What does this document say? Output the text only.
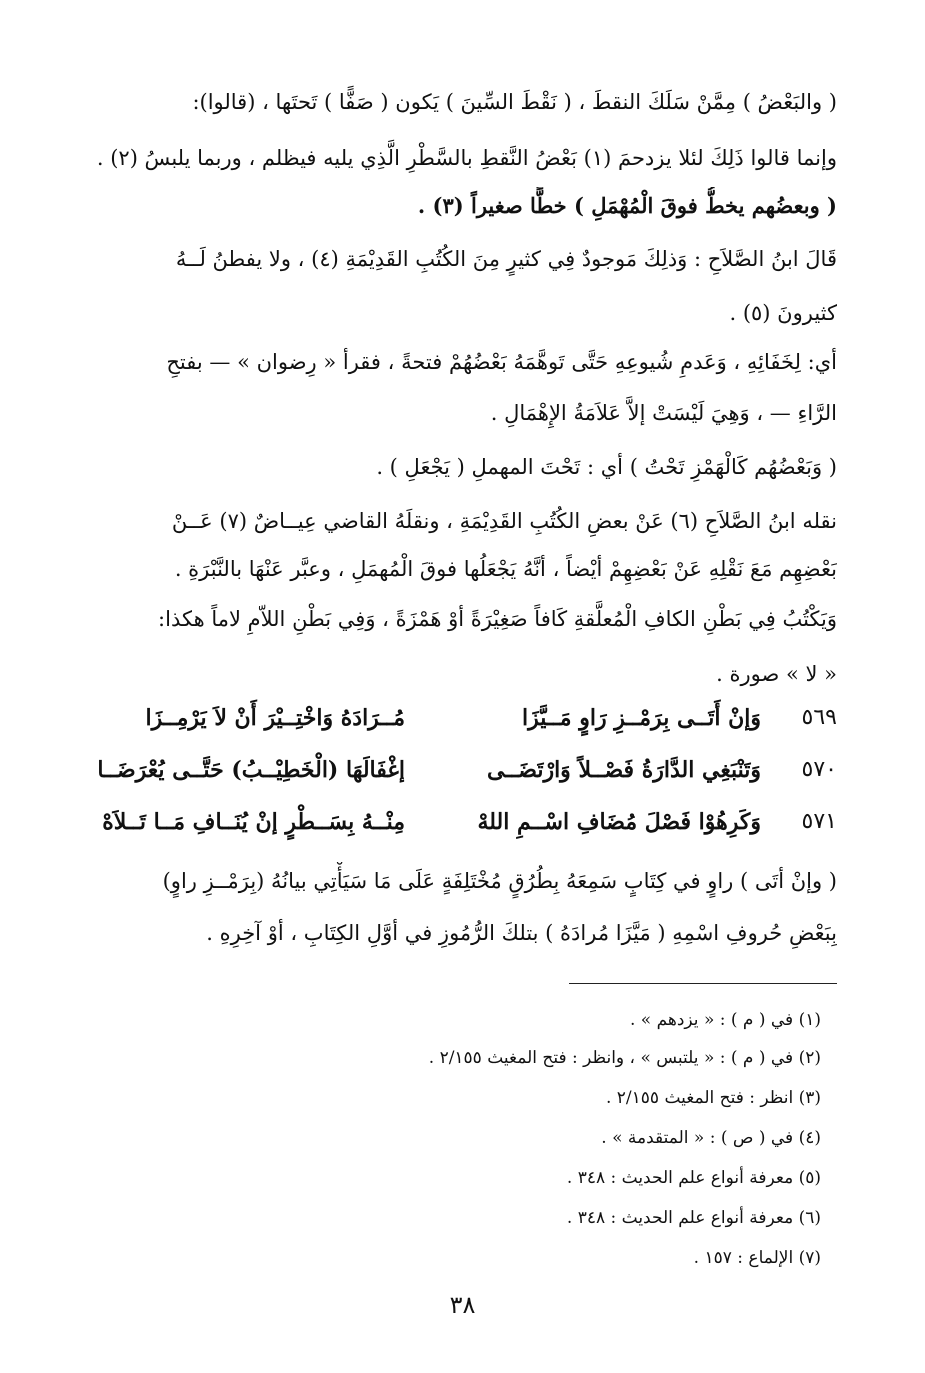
( والبَعْضُ ) مِمَّنْ سَلَكَ النقطَ ، ( نَقْطَ السِّينَ ) يَكون ( صَفًّا ) تَحتَها ، (قالوا):
وإنما قالوا ذَلِكَ لئلا يزدحمَ (١) بَعْضُ النَّقطِ بالسَّطْرِ الَّذِي يليه فيظلم ، وربما يلبسُ (٢) .
( وبعضُهم يخطُّ فوقَ الْمُهْمَلِ ) خطًّا صغيراً (٣) .
قَالَ ابنُ الصَّلاَحِ : وَذلِكَ مَوجودٌ فِي كثيرٍ مِنَ الكُتُبِ القَدِيْمَةِ (٤) ، ولا يفطنُ لَــهُ
كثيرونَ (٥) .
أي: لِخَفَائِهِ ، وَعَدمِ شُيوعِهِ حَتَّى تَوهَّمَهُ بَعْضُهُمْ فتحةً ، فقرأ « رِضوان » — بفتحِ
الرَّاءِ — ، وَهِيَ لَيْسَتْ إلاَّ عَلاَمَةُ الإِهْمَالِ .
( وَبَعْضُهُم كَالْهَمْزِ تَحْتُ ) أي : تَحْتَ المهملِ ( يَجْعَلِ ) .
نقله ابنُ الصَّلاَحِ (٦) عَنْ بعضِ الكُتُبِ القَدِيْمَةِ ، ونقلَهُ القاضي عِيــاضٌ (٧) عَــنْ
بَعْضِهِم مَعَ نَقْلِهِ عَنْ بَعْضِهِمْ أيْضاً ، أنَّهُ يَجْعَلُها فوقَ الْمُهمَلِ ، وعبَّر عَنْهَا بالنَّبْرَةِ .
وَيَكْتُبُ فِي بَطْنِ الكافِ الْمُعلَّقةِ كَافاً صَغِيْرَةً أوْ هَمْزَةً ، وَفِي بَطْنِ اللاّمِ لاماً هكذا:
« لا » صورة .
٥٦٩
وَإنْ أَتَــى بِرَمْــزِ رَاوٍ مَــيَّزَا
مُــرَادَهُ وَاخْتِــيْرَ أَنْ لاَ يَرْمِــزَا
٥٧٠
وَتَنْبَغِي الدَّارَةُ فَصْــلاً وَارْتَضَــى
إغْفَالَهَا (الْخَطِيْــبُ) حَتَّــى يُعْرَضَــا
٥٧١
وَكَرِهُوْا فَصْلَ مُضَافِ اسْــمِ اللهْ
مِنْــهُ بِسَــطْرٍ إنْ يُنَــافِ مَــا تَــلاَهْ
( وإنْ أتَى ) راوٍ في كِتَابٍ سَمِعَهُ بِطُرُقٍ مُخْتَلِفَةٍ عَلَى مَا سَيَأْتِي بيانُهُ (بِرَمْــزِ راوٍ)
بِبَعْضِ حُروفِ اسْمِهِ ( مَيَّزَا مُرادَهُ ) بتلكَ الرُّمُوزِ في أوَّلِ الكِتَابِ ، أوْ آخِرِهِ .
(١) في ( م ) : « يزدهم » .
(٢) في ( م ) : « يلتبس » ، وانظر : فتح المغيث ٢/١٥٥ .
(٣) انظر : فتح المغيث ٢/١٥٥ .
(٤) في ( ص ) : « المتقدمة » .
(٥) معرفة أنواع علم الحديث : ٣٤٨ .
(٦) معرفة أنواع علم الحديث : ٣٤٨ .
(٧) الإلماع : ١٥٧ .
٣٨
